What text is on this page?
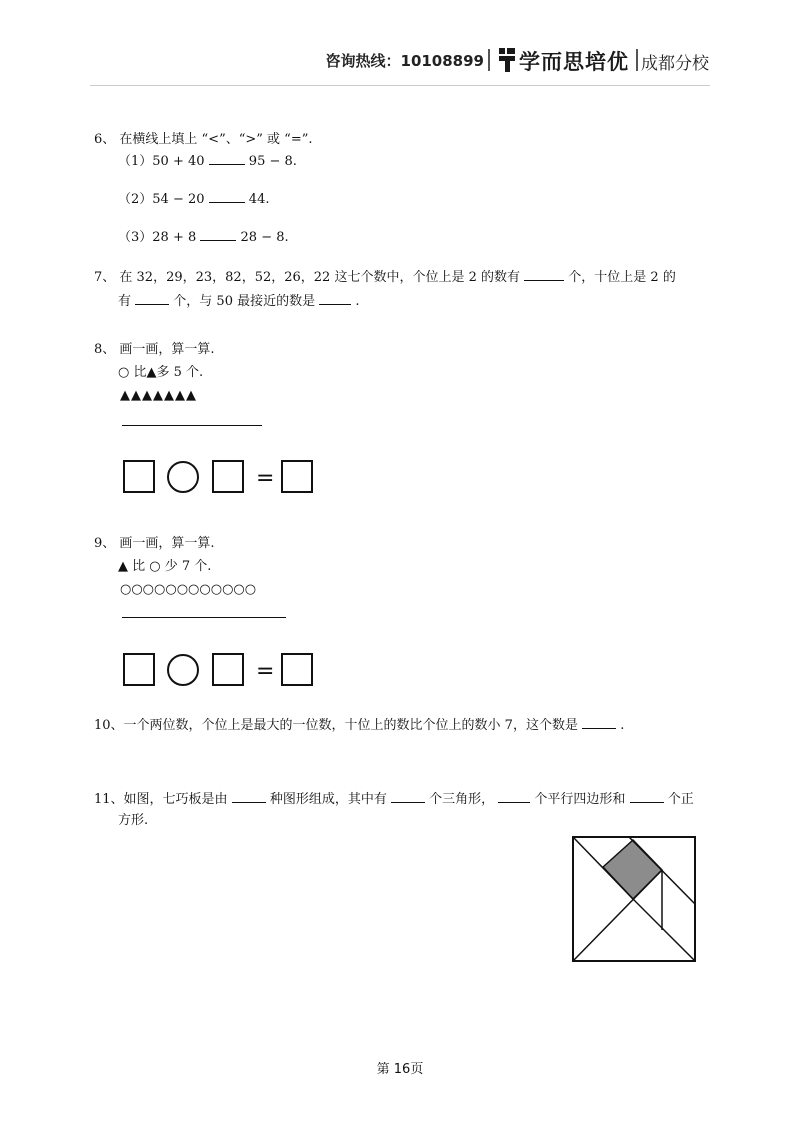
咨询热线：10108899 学而思培优 成都分校
6、 在横线上填上 “<”、“>” 或 “=”.
（1）50 + 40	95 − 8.
（2）54 − 20	44.
（3）28 + 8	28 − 8.
7、 在 32，29，23，82，52，26，22 这七个数中，个位上是 2 的数有	个，十位上是 2 的
有	个，与 50 最接近的数是	.
8、 画一画，算一算.
○ 比▲多 5 个.
▲▲▲▲▲▲▲
=
9、 画一画，算一算.
▲ 比 ○ 少 7 个.
○○○○○○○○○○○○
=
10、一个两位数，个位上是最大的一位数，十位上的数比个位上的数小 7，这个数是	.
11、如图，七巧板是由	种图形组成，其中有	个三角形，	个平行四边形和	个正
方形.
第 16页
